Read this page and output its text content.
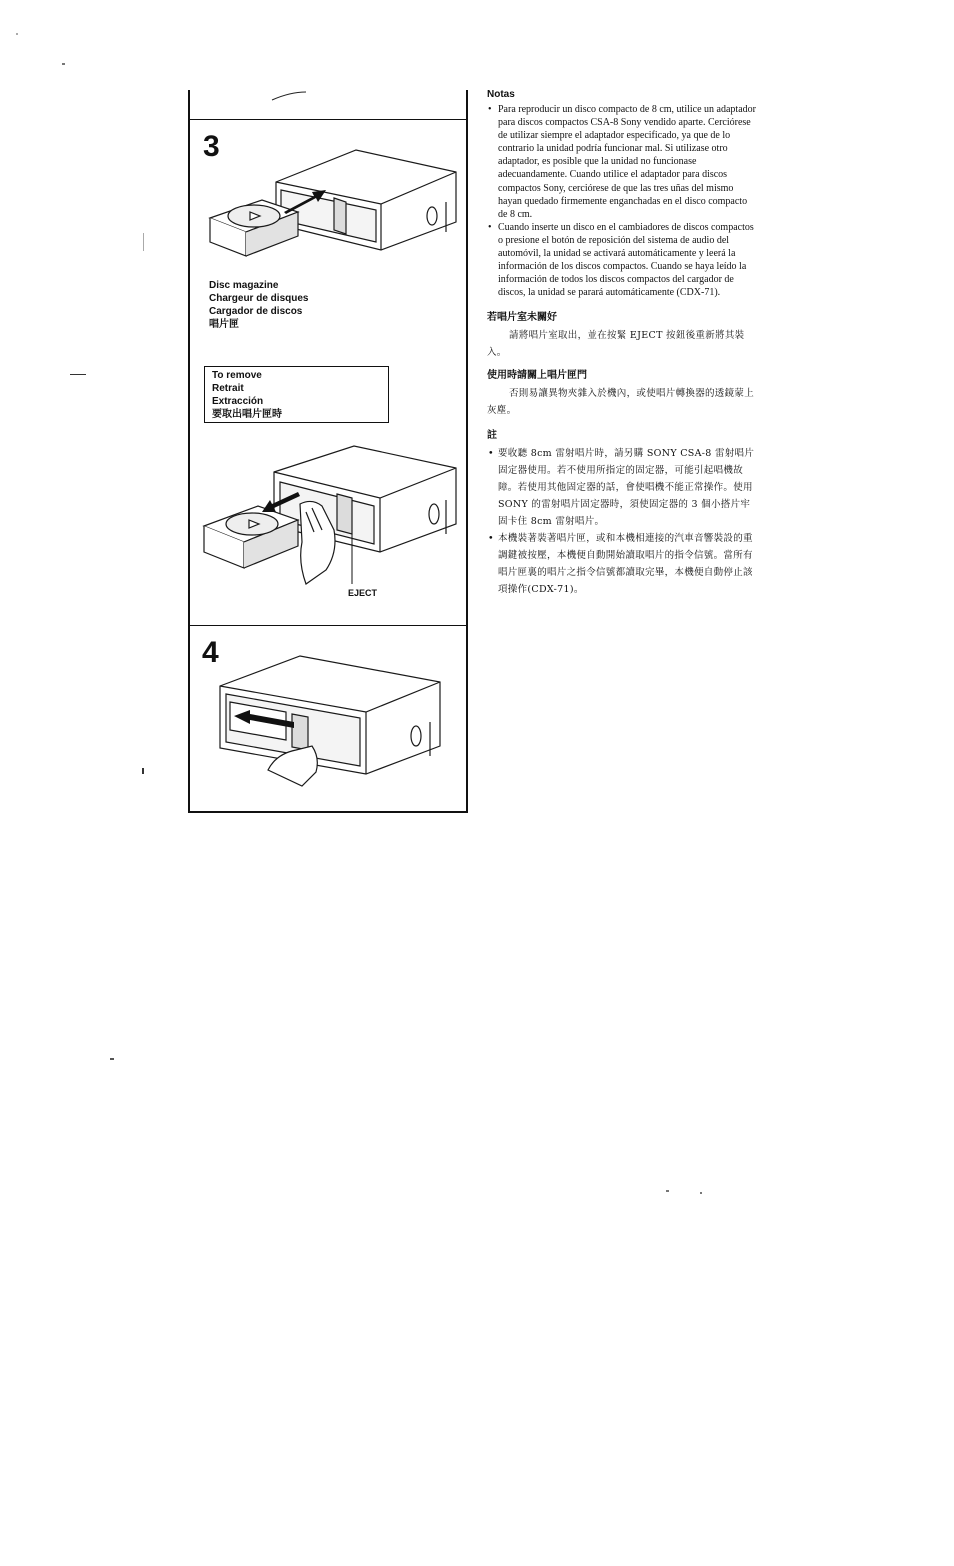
3
Disc magazine
Chargeur de disques
Cargador de discos
唱片匣
To remove
Retrait
Extracción
要取出唱片匣時
EJECT
4
Notas
• Para reproducir un disco compacto de 8 cm, utilice un adaptador para discos compactos CSA-8 Sony vendido aparte. Cerciórese de utilizar siempre el adaptador especificado, ya que de lo contrario la unidad podría funcionar mal. Si utilizase otro adaptador, es posible que la unidad no funcionase adecuandamente. Cuando utilice el adaptador para discos compactos Sony, cerciórese de que las tres uñas del mismo hayan quedado firmemente enganchadas en el disco compacto de 8 cm.
• Cuando inserte un disco en el cambiadores de discos compactos o presione el botón de reposición del sistema de audio del automóvil, la unidad se activará automáticamente y leerá la información de los discos compactos. Cuando se haya leído la información de todos los discos compactos del cargador de discos, la unidad se parará automáticamente (CDX-71).
若唱片室未關好

請將唱片室取出，並在按緊 EJECT 按鈕後重新將其裝入。

使用時請關上唱片匣門

否則易讓異物夾雜入於機內，或使唱片轉換器的透鏡蒙上灰塵。

註
• 要收聽 8cm 雷射唱片時，請另購 SONY CSA-8 雷射唱片固定器使用。若不使用所指定的固定器，可能引起唱機故障。若使用其他固定器的話，會使唱機不能正常操作。使用 SONY 的雷射唱片固定器時，須使固定器的 3 個小搭片牢固卡住 8cm 雷射唱片。
• 本機裝著裝著唱片匣，或和本機相連接的汽車音響裝設的重調鍵被按壓，本機便自動開始讀取唱片的指令信號。當所有唱片匣裏的唱片之指令信號都讀取完畢，本機便自動停止該項操作(CDX-71)。
